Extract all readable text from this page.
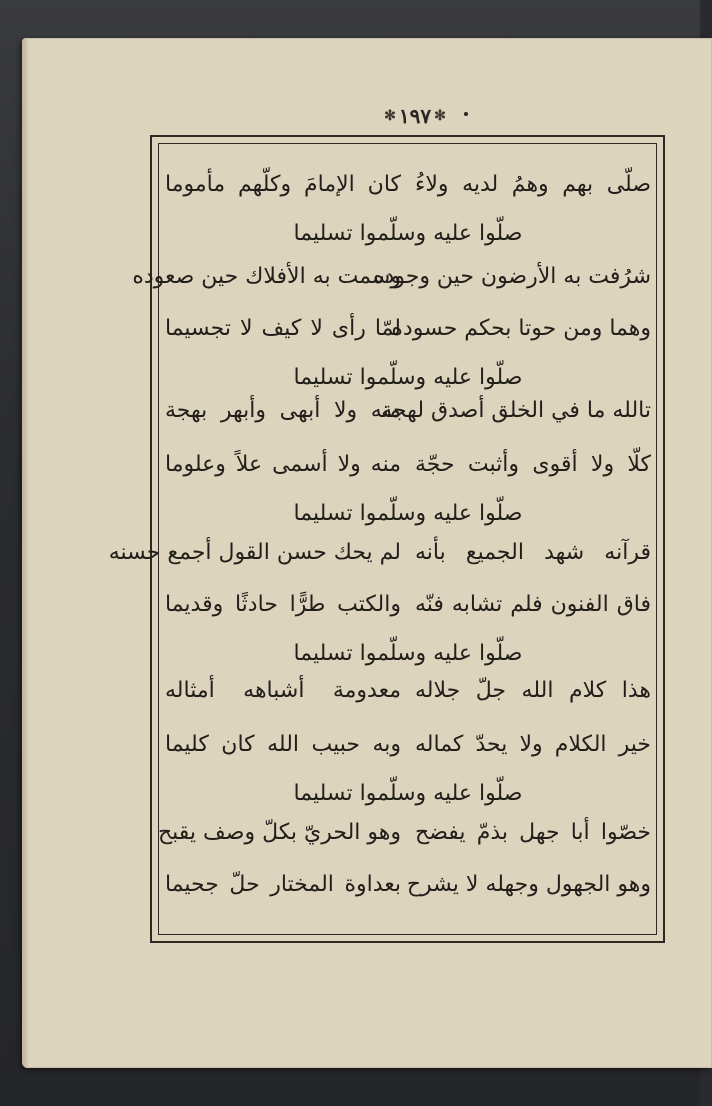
✻
١٩٧
✻
صلّى بهم وهمُ لديه ولاءُ
كان الإمامَ وكلّهم مأموما
صلّوا عليه وسلّموا تسليما
شرُفت به الأرضون حين وجوده
وسمت به الأفلاك حين صعوده
وهما ومن حوتا بحكم حسوده
لمّا رأى لا كيف لا تجسيما
صلّوا عليه وسلّموا تسليما
تالله ما في الخلق أصدق لهجة
منه ولا أبهى وأبهر بهجة
كلّا ولا أقوى وأثبت حجّة
منه ولا أسمى علاً وعلوما
صلّوا عليه وسلّموا تسليما
قرآنه شهد الجميع بأنه
لم يحك حسن القول أجمع حسنه
فاق الفنون فلم تشابه فنّه
والكتب طرًّا حادثًا وقديما
صلّوا عليه وسلّموا تسليما
هذا كلام الله جلّ جلاله
معدومة أشباهه أمثاله
خير الكلام ولا يحدّ كماله
وبه حبيب الله كان كليما
صلّوا عليه وسلّموا تسليما
خصّوا أبا جهل بذمّ يفضح
وهو الحريّ بكلّ وصف يقبح
وهو الجهول وجهله لا يشرح
بعداوة المختار حلّ جحيما
